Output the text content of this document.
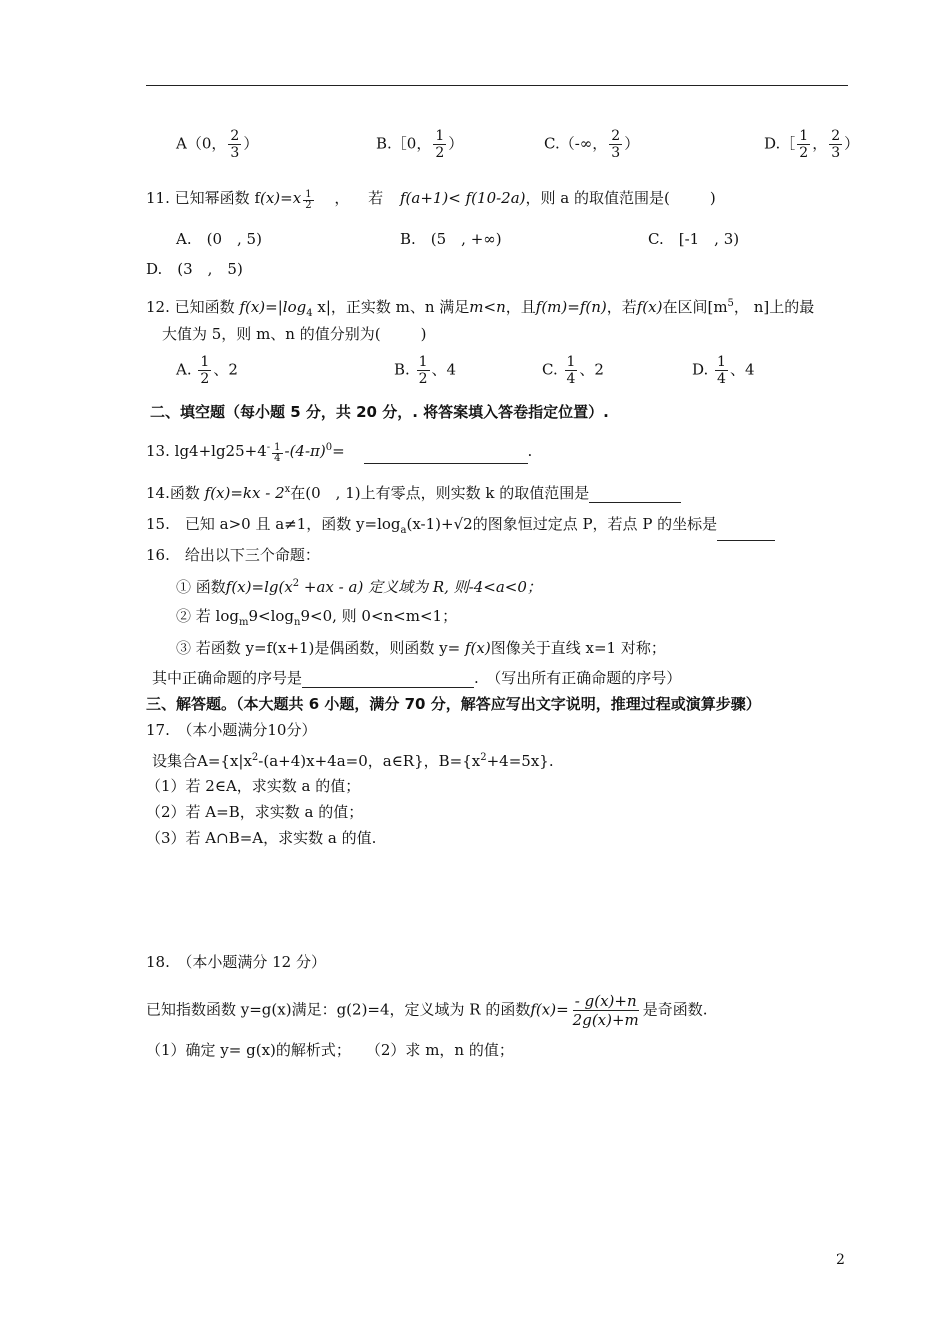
A（0， $\frac{2}{3}$ ）	B.［0， $\frac{1}{2}$ ）	C.（-∞， $\frac{2}{3}$ ）	D.［ $\frac{1}{2}$ ， $\frac{2}{3}$ ）
11. 已知幂函数 $f(x)=x \frac{1}{2}$ ， 若 f(a+1)< f(10-2a)，则 a 的取值范围是(	)
A.　(0　, 5)	B.　(5　, +∞)	C.　[-1　, 3)
D.　(3　,　5)
12. 已知函数 $f(x)=|\log_4$ x|，正实数 m、n 满足m<n，且f(m)=f(n)，若f(x)在区间[$m^5$， n]上的最
大值为 5，则 m、n 的值分别为(	)
A. $\frac{1}{2}$ 、2	B. $\frac{1}{2}$ 、4	C. $\frac{1}{4}$ 、2	D. $\frac{1}{4}$ 、4
二、填空题（每小题 5 分，共 20 分，. 将答案填入答卷指定位置）.
13. $\lg 4+\lg 25+4^- \frac{1}{4} -(4-\pi)^0=$	.
14.函数 f(x)=kx - 2$^x$在(0　, 1)上有零点，则实数 k 的取值范围是
15.　已知 a>0 且 a≠1，函数 $y=\log_a(x-1)+√2$的图象恒过定点 P，若点 P 的坐标是
16.　给出以下三个命题：
① 函数$f(x)=\lg(x^2 +ax - a)$ 定义域为 R, 则-4<a<0；
② 若 $\log_m9<\log_n9<0$, 则 0<n<m<1；
③ 若函数 y=f(x+1)是偶函数，则函数 y= f(x)图像关于直线 x=1 对称；
其中正确命题的序号是	.　（写出所有正确命题的序号）
三、解答题。（本大题共 6 小题，满分 70 分，解答应写出文字说明，推理过程或演算步骤）
17.　（本小题满分10分）
设集合$A=\{x|x^2-(a+4)x+4a=0$，a∈R}，$B=\{x^2+4=5x\}$.
（1）若 2∈A，求实数 a 的值；
（2）若 A=B，求实数 a 的值；
（3）若 A∩B=A，求实数 a 的值.
18.　（本小题满分 12 分）
已知指数函数 y=g(x)满足：g(2)=4，定义域为 R 的函数$f(x)= \frac{- g(x)+n}{2g(x)+m}$ 是奇函数.
（1）确定 y= g(x)的解析式；　　（2）求 m，n 的值；
2
